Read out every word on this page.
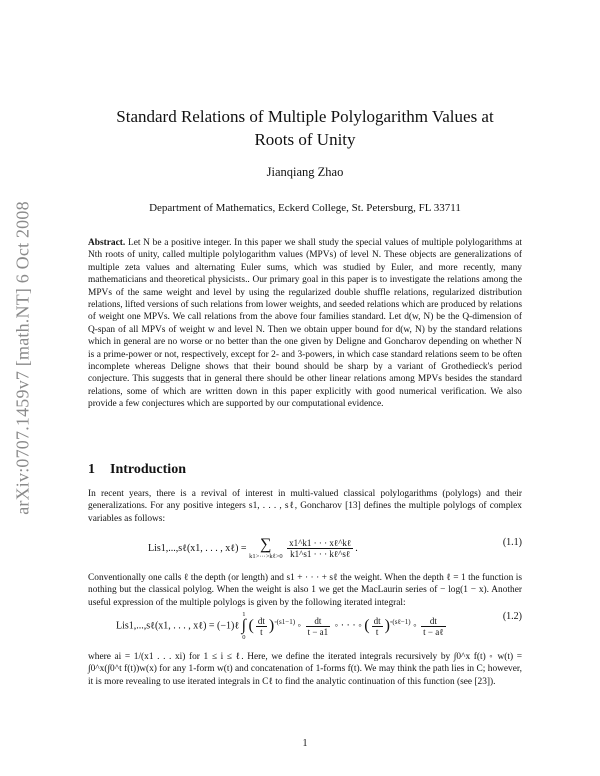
arXiv:0707.1459v7 [math.NT] 6 Oct 2008
Standard Relations of Multiple Polylogarithm Values at
Roots of Unity
Jianqiang Zhao
Department of Mathematics, Eckerd College, St. Petersburg, FL 33711
Abstract. Let N be a positive integer. In this paper we shall study the special values of multiple polylogarithms at Nth roots of unity, called multiple polylogarithm values (MPVs) of level N. These objects are generalizations of multiple zeta values and alternating Euler sums, which was studied by Euler, and more recently, many mathematicians and theoretical physicists.. Our primary goal in this paper is to investigate the relations among the MPVs of the same weight and level by using the regularized double shuffle relations, regularized distribution relations, lifted versions of such relations from lower weights, and seeded relations which are produced by relations of weight one MPVs. We call relations from the above four families standard. Let d(w, N) be the Q-dimension of Q-span of all MPVs of weight w and level N. Then we obtain upper bound for d(w, N) by the standard relations which in general are no worse or no better than the one given by Deligne and Goncharov depending on whether N is a prime-power or not, respectively, except for 2- and 3-powers, in which case standard relations seem to be often incomplete whereas Deligne shows that their bound should be sharp by a variant of Grothedieck's period conjecture. This suggests that in general there should be other linear relations among MPVs besides the standard relations, some of which are written down in this paper explicitly with good numerical verification. We also provide a few conjectures which are supported by our computational evidence.
1 Introduction
In recent years, there is a revival of interest in multi-valued classical polylogarithms (polylogs) and their generalizations. For any positive integers s1, . . . , sℓ, Goncharov [13] defines the multiple polylogs of complex variables as follows:
Lis1,...,sℓ(x1, . . . , xℓ) = ∑
k1>···>kℓ>0
$\frac{\text{x1\textasciicircum{}k1 · · · xℓ\textasciicircum{}kℓ}}{\text{k1\textasciicircum{}s1 · · · kℓ\textasciicircum{}sℓ}}$ .
(1.1)
Conventionally one calls ℓ the depth (or length) and s1 + · · · + sℓ the weight. When the depth ℓ = 1 the function is nothing but the classical polylog. When the weight is also 1 we get the MacLaurin series of − log(1 − x). Another useful expression of the multiple polylogs is given by the following iterated integral:
Lis1,...,sℓ(x1, . . . , xℓ) = (−1)ℓ
1
∫
0
( $\frac{dt}{t} )^{◦(s1-1)}$ ◦ $\frac{dt}{t - a1}$ ◦ · · · ◦ ( $\frac{dt}{t} )^{◦(s\ell-1)}$ ◦ $\frac{dt}{\text{t − aℓ}}$	(1.2)
where ai = 1/(x1 . . . xi) for 1 ≤ i ≤ ℓ. Here, we define the iterated integrals recursively by ∫0^x f(t) ◦ w(t) = ∫0^x(∫0^t f(t))w(x) for any 1-form w(t) and concatenation of 1-forms f(t). We may think the path lies in C; however, it is more revealing to use iterated integrals in Cℓ to find the analytic continuation of this function (see [23]).
1
